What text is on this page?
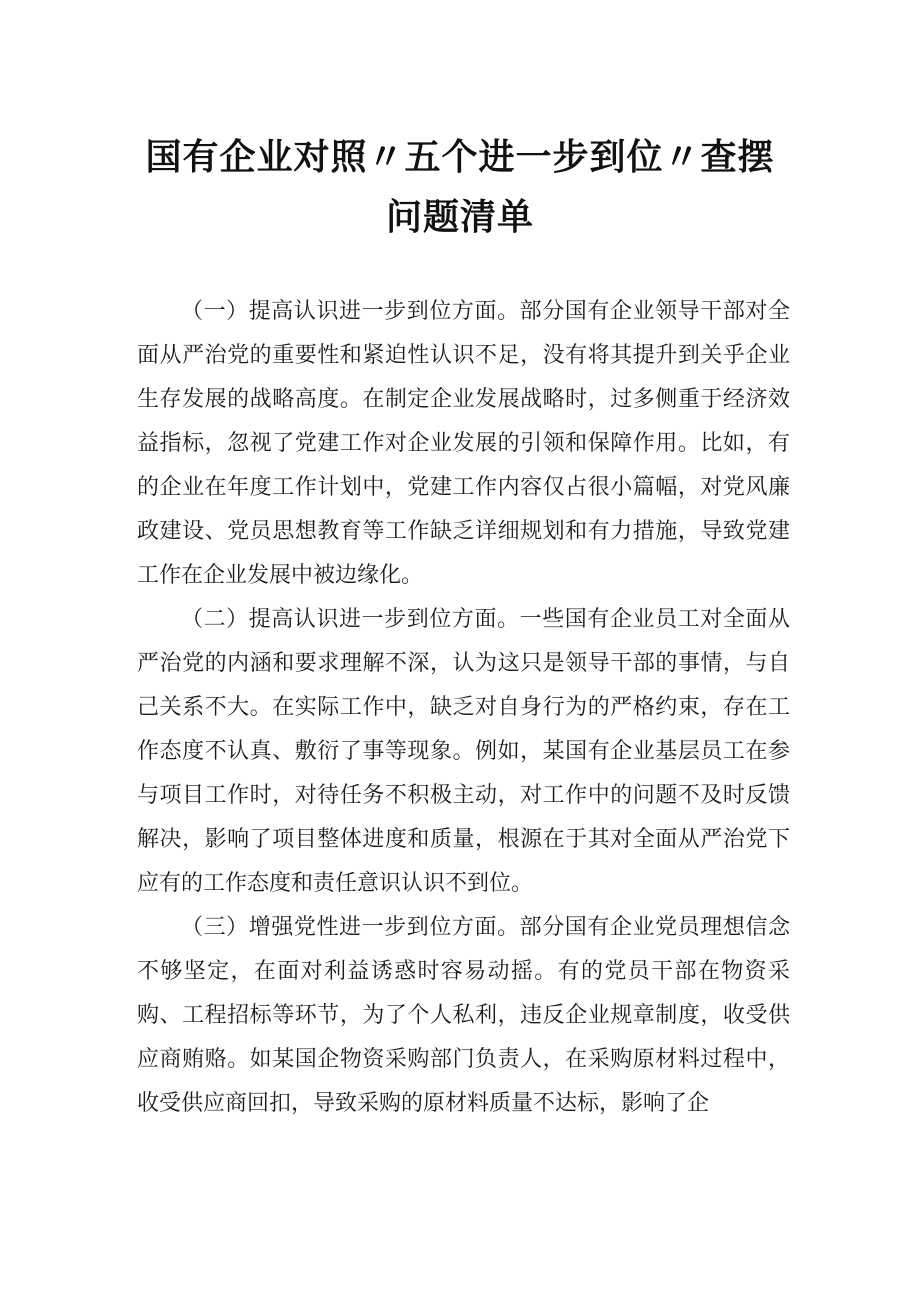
国有企业对照〃五个进一步到位〃查摆问题清单

（一）提高认识进一步到位方面。部分国有企业领导干部对全面从严治党的重要性和紧迫性认识不足，没有将其提升到关乎企业生存发展的战略高度。在制定企业发展战略时，过多侧重于经济效益指标，忽视了党建工作对企业发展的引领和保障作用。比如，有的企业在年度工作计划中，党建工作内容仅占很小篇幅，对党风廉政建设、党员思想教育等工作缺乏详细规划和有力措施，导致党建工作在企业发展中被边缘化。

（二）提高认识进一步到位方面。一些国有企业员工对全面从严治党的内涵和要求理解不深，认为这只是领导干部的事情，与自己关系不大。在实际工作中，缺乏对自身行为的严格约束，存在工作态度不认真、敷衍了事等现象。例如，某国有企业基层员工在参与项目工作时，对待任务不积极主动，对工作中的问题不及时反馈解决，影响了项目整体进度和质量，根源在于其对全面从严治党下应有的工作态度和责任意识认识不到位。

（三）增强党性进一步到位方面。部分国有企业党员理想信念不够坚定，在面对利益诱惑时容易动摇。有的党员干部在物资采购、工程招标等环节，为了个人私利，违反企业规章制度，收受供应商贿赂。如某国企物资采购部门负责人，在采购原材料过程中，收受供应商回扣，导致采购的原材料质量不达标，影响了企
